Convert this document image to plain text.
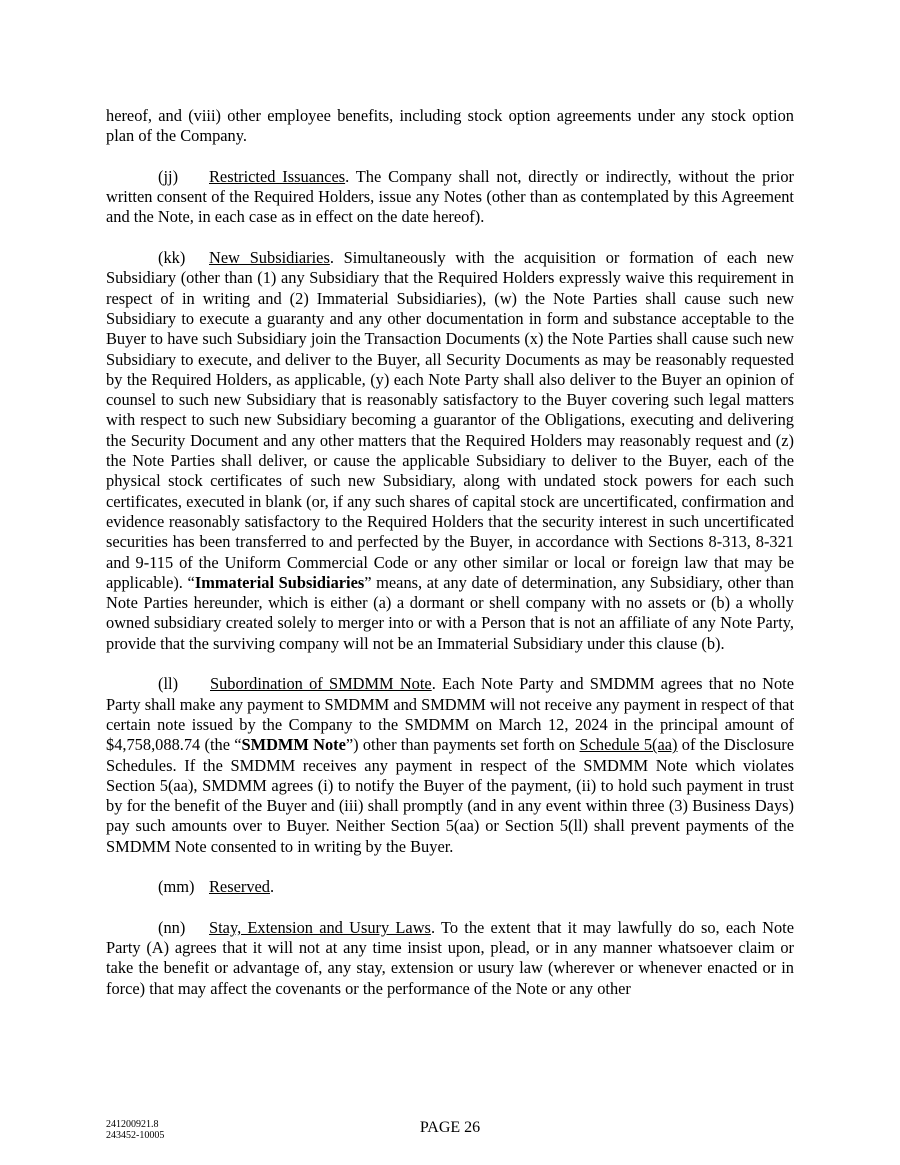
hereof, and (viii) other employee benefits, including stock option agreements under any stock option plan of the Company.

(jj) Restricted Issuances. The Company shall not, directly or indirectly, without the prior written consent of the Required Holders, issue any Notes (other than as contemplated by this Agreement and the Note, in each case as in effect on the date hereof).

(kk) New Subsidiaries. Simultaneously with the acquisition or formation of each new Subsidiary (other than (1) any Subsidiary that the Required Holders expressly waive this requirement in respect of in writing and (2) Immaterial Subsidiaries), (w) the Note Parties shall cause such new Subsidiary to execute a guaranty and any other documentation in form and substance acceptable to the Buyer to have such Subsidiary join the Transaction Documents (x) the Note Parties shall cause such new Subsidiary to execute, and deliver to the Buyer, all Security Documents as may be reasonably requested by the Required Holders, as applicable, (y) each Note Party shall also deliver to the Buyer an opinion of counsel to such new Subsidiary that is reasonably satisfactory to the Buyer covering such legal matters with respect to such new Subsidiary becoming a guarantor of the Obligations, executing and delivering the Security Document and any other matters that the Required Holders may reasonably request and (z) the Note Parties shall deliver, or cause the applicable Subsidiary to deliver to the Buyer, each of the physical stock certificates of such new Subsidiary, along with undated stock powers for each such certificates, executed in blank (or, if any such shares of capital stock are uncertificated, confirmation and evidence reasonably satisfactory to the Required Holders that the security interest in such uncertificated securities has been transferred to and perfected by the Buyer, in accordance with Sections 8-313, 8-321 and 9-115 of the Uniform Commercial Code or any other similar or local or foreign law that may be applicable). “Immaterial Subsidiaries” means, at any date of determination, any Subsidiary, other than Note Parties hereunder, which is either (a) a dormant or shell company with no assets or (b) a wholly owned subsidiary created solely to merger into or with a Person that is not an affiliate of any Note Party, provide that the surviving company will not be an Immaterial Subsidiary under this clause (b).

(ll) Subordination of SMDMM Note. Each Note Party and SMDMM agrees that no Note Party shall make any payment to SMDMM and SMDMM will not receive any payment in respect of that certain note issued by the Company to the SMDMM on March 12, 2024 in the principal amount of $4,758,088.74 (the “SMDMM Note”) other than payments set forth on Schedule 5(aa) of the Disclosure Schedules. If the SMDMM receives any payment in respect of the SMDMM Note which violates Section 5(aa), SMDMM agrees (i) to notify the Buyer of the payment, (ii) to hold such payment in trust by for the benefit of the Buyer and (iii) shall promptly (and in any event within three (3) Business Days) pay such amounts over to Buyer. Neither Section 5(aa) or Section 5(ll) shall prevent payments of the SMDMM Note consented to in writing by the Buyer.

(mm) Reserved.

(nn) Stay, Extension and Usury Laws. To the extent that it may lawfully do so, each Note Party (A) agrees that it will not at any time insist upon, plead, or in any manner whatsoever claim or take the benefit or advantage of, any stay, extension or usury law (wherever or whenever enacted or in force) that may affect the covenants or the performance of the Note or any other

241200921.8
243452-10005	PAGE 26
